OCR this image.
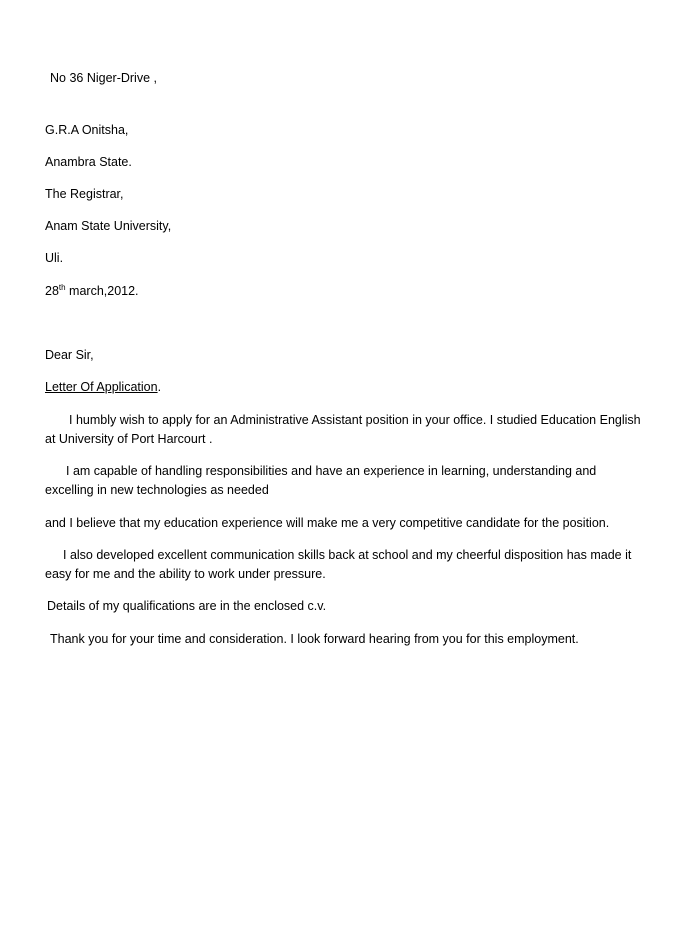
No 36 Niger-Drive ,
G.R.A Onitsha,
Anambra State.
The Registrar,
Anam State University,
Uli.
28th march,2012.
Dear Sir,
Letter Of Application.
I humbly wish to apply for an Administrative Assistant position in your office. I studied Education English at University of Port Harcourt .
I am capable of handling responsibilities and have an experience in learning, understanding and excelling in new technologies as needed
and I believe that my education experience will make me a very competitive candidate for the position.
I also developed excellent communication skills back at school and my cheerful disposition has made it easy for me and the ability to work under pressure.
Details of my qualifications are in the enclosed c.v.
Thank you for your time and consideration. I look forward hearing from you for this employment.
